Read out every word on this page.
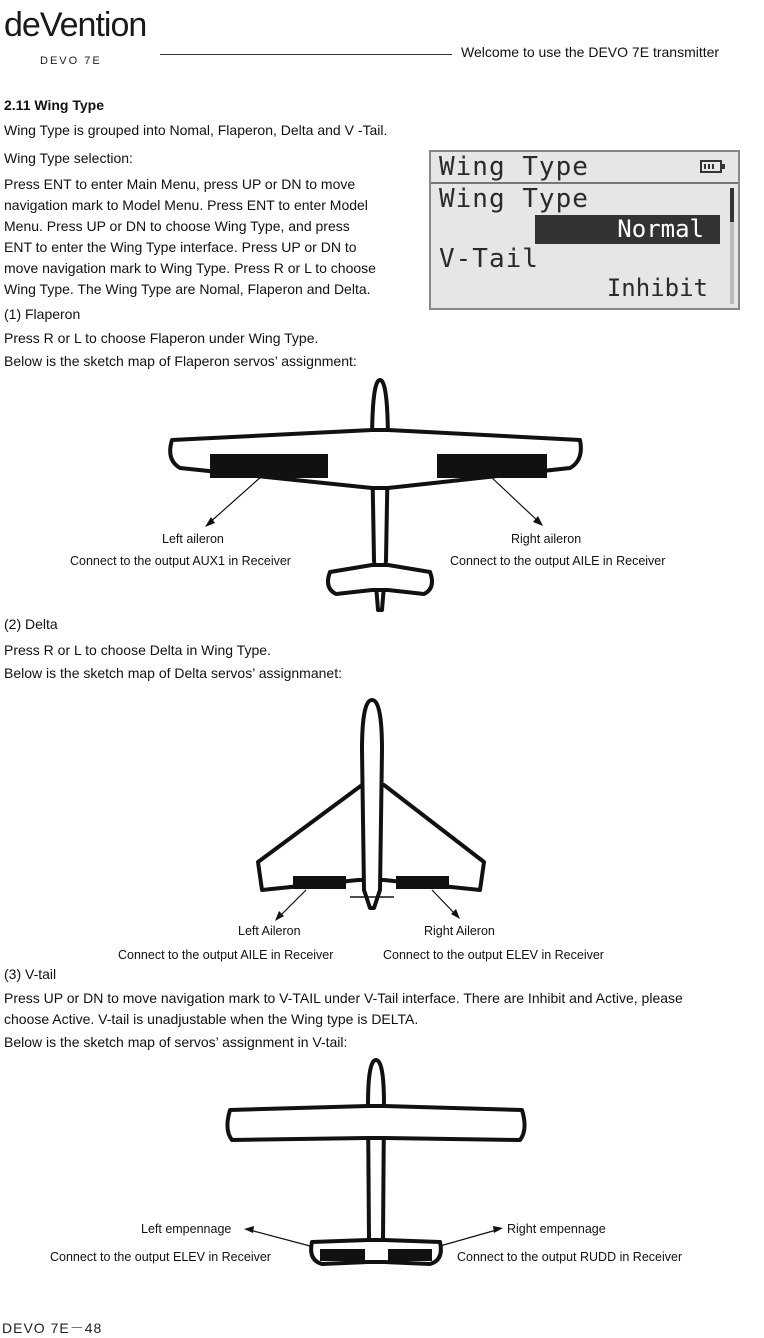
deVention
DEVO 7E
Welcome to use the DEVO 7E transmitter
2.11 Wing Type
Wing Type is grouped into Nomal, Flaperon, Delta and V -Tail.
Wing Type selection:
Press ENT to enter Main Menu, press UP or DN to move
navigation mark to Model Menu. Press ENT to enter Model
Menu. Press UP or DN to choose Wing Type, and press
ENT to enter the Wing Type interface. Press UP or DN to
move navigation mark to Wing Type. Press R or L to choose
Wing Type. The Wing Type are Nomal, Flaperon and Delta.
Wing Type
Wing Type
Normal
V-Tail
Inhibit
(1) Flaperon
Press R or L to choose Flaperon under Wing Type.
Below is the sketch map of Flaperon servos’ assignment:
Left aileron
Connect to the output AUX1 in Receiver
Right aileron
Connect to the output AILE in Receiver
(2) Delta
Press R or L to choose Delta in Wing Type.
Below is the sketch map of Delta servos’ assignmanet:
Left Aileron
Connect to the output AILE in Receiver
Right Aileron
Connect to the output ELEV in Receiver
(3) V-tail
Press UP or DN to move navigation mark to V-TAIL under V-Tail interface. There are Inhibit and Active, please
choose Active. V-tail is unadjustable when the Wing type is DELTA.
Below is the sketch map of servos’ assignment in V-tail:
Left empennage
Connect to the output ELEV in Receiver
Right empennage
Connect to the output RUDD in Receiver
DEVO 7E－48
